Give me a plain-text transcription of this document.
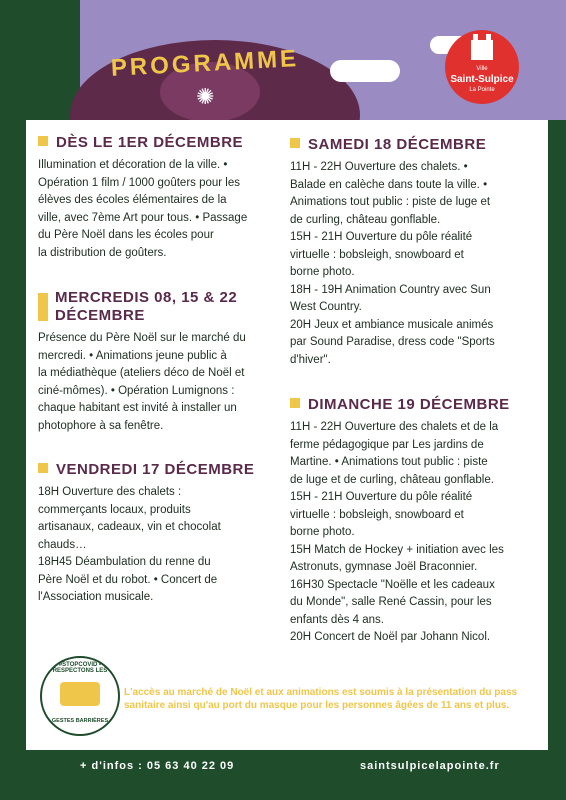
PROGRAMME
✺
Ville
Saint-Sulpice
La Pointe
DÈS LE 1ER DÉCEMBRE
Illumination et décoration de la ville. •
Opération 1 film / 1000 goûters pour les
élèves des écoles élémentaires de la
ville, avec 7ème Art pour tous. • Passage
du Père Noël dans les écoles pour
la distribution de goûters.
MERCREDIS 08, 15 & 22
DÉCEMBRE
Présence du Père Noël sur le marché du
mercredi. • Animations jeune public à
la médiathèque (ateliers déco de Noël et
ciné-mômes). • Opération Lumignons :
chaque habitant est invité à installer un
photophore à sa fenêtre.
VENDREDI 17 DÉCEMBRE
18H Ouverture des chalets :
commerçants locaux, produits
artisanaux, cadeaux, vin et chocolat
chauds…
18H45 Déambulation du renne du
Père Noël et du robot. • Concert de
l'Association musicale.
SAMEDI 18 DÉCEMBRE
11H - 22H Ouverture des chalets. •
Balade en calèche dans toute la ville. •
Animations tout public : piste de luge et
de curling, château gonflable.
15H - 21H Ouverture du pôle réalité
virtuelle : bobsleigh, snowboard et
borne photo.
18H - 19H Animation Country avec Sun
West Country.
20H Jeux et ambiance musicale animés
par Sound Paradise, dress code "Sports
d'hiver".
DIMANCHE 19 DÉCEMBRE
11H - 22H Ouverture des chalets et de la
ferme pédagogique par Les jardins de
Martine. • Animations tout public : piste
de luge et de curling, château gonflable.
15H - 21H Ouverture du pôle réalité
virtuelle : bobsleigh, snowboard et
borne photo.
15H Match de Hockey + initiation avec les
Astronuts, gymnase Joël Braconnier.
16H30 Spectacle "Noëlle et les cadeaux
du Monde", salle René Cassin, pour les
enfants dès 4 ans.
20H Concert de Noël par Johann Nicol.
#STOPCOVID • RESPECTONS LES
GESTES BARRIÈRES
L'accès au marché de Noël et aux animations est soumis à la présentation du pass sanitaire ainsi qu'au port du masque pour les personnes âgées de 11 ans et plus.
+ d'infos : 05 63 40 22 09	saintsulpicelapointe.fr
